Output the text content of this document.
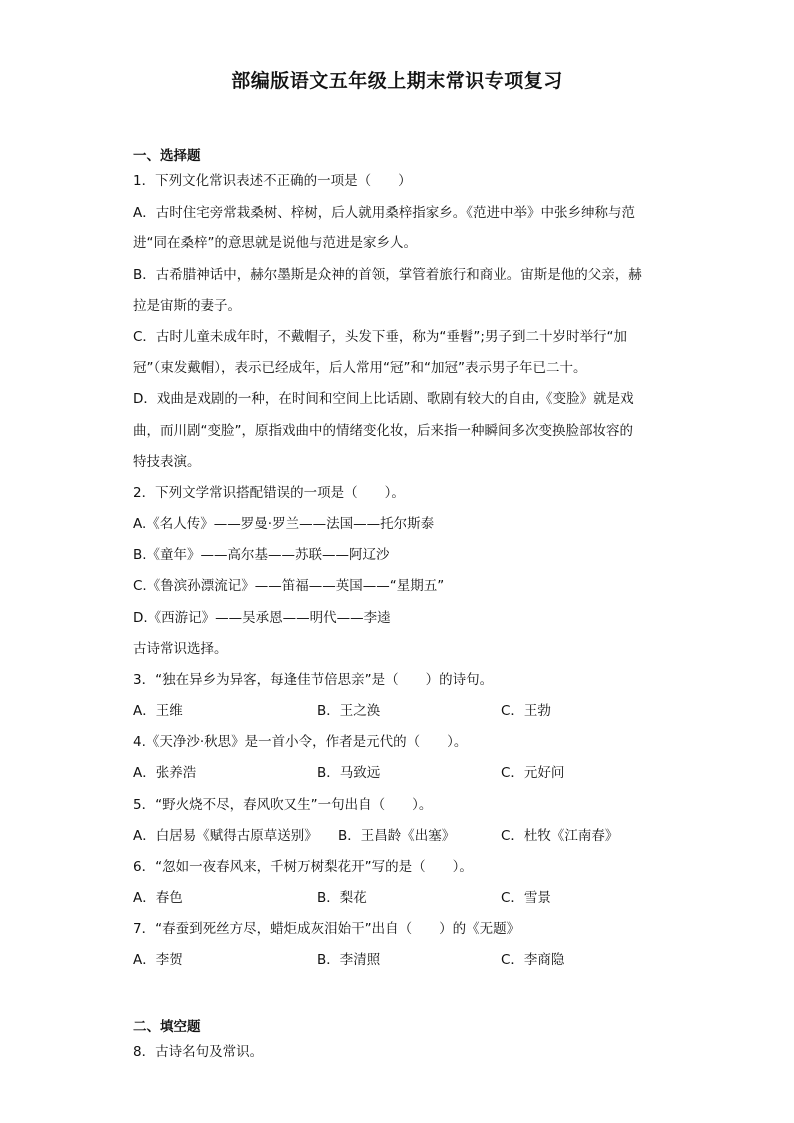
部编版语文五年级上期末常识专项复习
一、选择题
1．下列文化常识表述不正确的一项是（　　）
A．古时住宅旁常栽桑树、梓树，后人就用桑梓指家乡。《范进中举》中张乡绅称与范
进“同在桑梓”的意思就是说他与范进是家乡人。
B．古希腊神话中，赫尔墨斯是众神的首领，掌管着旅行和商业。宙斯是他的父亲，赫
拉是宙斯的妻子。
C．古时儿童未成年时，不戴帽子，头发下垂，称为“垂髫”;男子到二十岁时举行“加
冠”（束发戴帽），表示已经成年，后人常用“冠”和“加冠”表示男子年已二十。
D．戏曲是戏剧的一种，在时间和空间上比话剧、歌剧有较大的自由,《变脸》就是戏
曲，而川剧“变脸”，原指戏曲中的情绪变化妆，后来指一种瞬间多次变换脸部妆容的
特技表演。
2．下列文学常识搭配错误的一项是（　　）。
A.《名人传》——罗曼·罗兰——法国——托尔斯泰
B.《童年》——高尔基——苏联——阿辽沙
C.《鲁滨孙漂流记》——笛福——英国——“星期五”
D.《西游记》——吴承恩——明代——李逵
古诗常识选择。
3．“独在异乡为异客，每逢佳节倍思亲”是（　　）的诗句。
A．王维	B．王之涣	C．王勃
4.《天净沙·秋思》是一首小令，作者是元代的（　　）。
A．张养浩	B．马致远	C．元好问
5．“野火烧不尽，春风吹又生”一句出自（　　）。
A．白居易《赋得古原草送别》 B．王昌龄《出塞》	C．杜牧《江南春》
6．“忽如一夜春风来，千树万树梨花开”写的是（　　）。
A．春色	B．梨花	C．雪景
7．“春蚕到死丝方尽，蜡炬成灰泪始干”出自（　　）的《无题》
A．李贺	B．李清照	C．李商隐
二、填空题
8．古诗名句及常识。
